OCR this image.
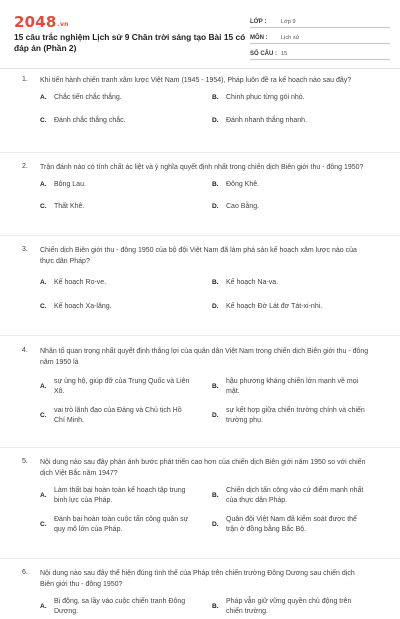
2048.vn
15 câu trắc nghiệm Lịch sử 9 Chân trời sáng tạo Bài 15 có đáp án (Phần 2)
LỚP :	Lớp 9
MÔN :	Lịch sử
SỐ CÂU : 15
1. Khi tiến hành chiến tranh xâm lược Việt Nam (1945 - 1954), Pháp luôn đề ra kế hoạch nào sau đây?
A.	Chắc tiến chắc thắng.	B.	Chinh phục từng gói nhỏ.
C.	Đánh chắc thắng chắc.	D.	Đánh nhanh thắng nhanh.
2. Trận đánh nào có tính chất ác liệt và ý nghĩa quyết định nhất trong chiến dịch Biên giới thu - đông 1950?
A.	Bông Lau.	B.	Đông Khê.
C.	Thất Khê.	D.	Cao Bằng.
3. Chiến dịch Biên giới thu - đông 1950 của bộ đội Việt Nam đã làm phá sản kế hoạch xâm lược nào của thực dân Pháp?
A.	Kế hoạch Ro-ve.	B.	Kế hoạch Na-va.
C.	Kế hoạch Xa-lăng.	D.	Kế hoạch Đờ Lát đơ Tát-xi-nhi.
4. Nhân tố quan trọng nhất quyết định thắng lợi của quân dân Việt Nam trong chiến dịch Biên giới thu - đông năm 1950 là
A.
sự ủng hộ, giúp đỡ của Trung Quốc và Liên Xô.
B.
hậu phương kháng chiến lớn mạnh về mọi mặt.
C.
vai trò lãnh đạo của Đảng và Chủ tịch Hồ Chí Minh.
D.
sự kết hợp giữa chiến trường chính và chiến trường phụ.
5. Nội dung nào sau đây phản ánh bước phát triển cao hơn của chiến dịch Biên giới năm 1950 so với chiến dịch Việt Bắc năm 1947?
A.
Làm thất bại hoàn toàn kế hoạch tập trung binh lực của Pháp.
B.
Chiến dịch tấn công vào cứ điểm mạnh nhất của thực dân Pháp.
C.
Đánh bại hoàn toàn cuộc tấn công quân sự quy mô lớn của Pháp.
D.
Quân đội Việt Nam đã kiểm soát được thế trận ở đồng bằng Bắc Bộ.
6. Nội dung nào sau đây thể hiện đúng tình thế của Pháp trên chiến trường Đông Dương sau chiến dịch Biên giới thu - đông 1950?
A.
Bị động, sa lầy vào cuộc chiến tranh Đông Dương.
B.
Pháp vẫn giữ vững quyền chủ động trên chiến trường.
